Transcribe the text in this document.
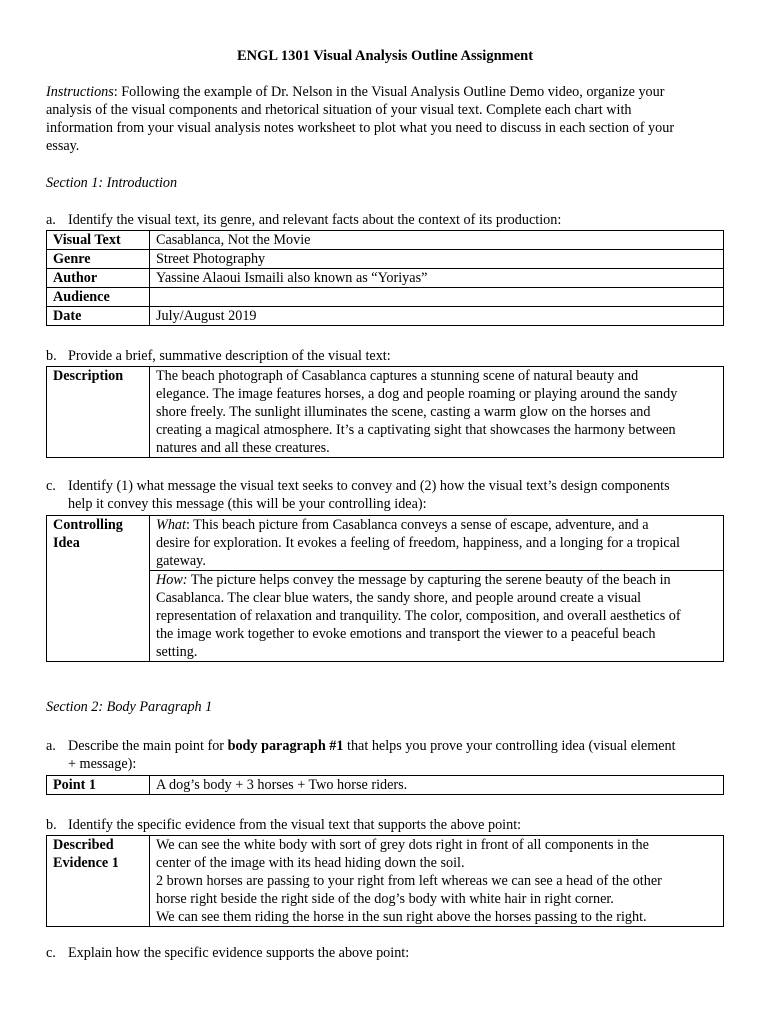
ENGL 1301 Visual Analysis Outline Assignment
Instructions: Following the example of Dr. Nelson in the Visual Analysis Outline Demo video, organize your
analysis of the visual components and rhetorical situation of your visual text. Complete each chart with
information from your visual analysis notes worksheet to plot what you need to discuss in each section of your
essay.
Section 1: Introduction
a. Identify the visual text, its genre, and relevant facts about the context of its production:
Visual Text	Casablanca, Not the Movie
Genre	Street Photography
Author	Yassine Alaoui Ismaili also known as “Yoriyas”
Audience	
Date	July/August 2019
b. Provide a brief, summative description of the visual text:
Description	The beach photograph of Casablanca captures a stunning scene of natural beauty and
elegance. The image features horses, a dog and people roaming or playing around the sandy
shore freely. The sunlight illuminates the scene, casting a warm glow on the horses and
creating a magical atmosphere. It’s a captivating sight that showcases the harmony between
natures and all these creatures.
c. Identify (1) what message the visual text seeks to convey and (2) how the visual text’s design components
help it convey this message (this will be your controlling idea):
Controlling
Idea

What: This beach picture from Casablanca conveys a sense of escape, adventure, and a
desire for exploration. It evokes a feeling of freedom, happiness, and a longing for a tropical
gateway.

How: The picture helps convey the message by capturing the serene beauty of the beach in
Casablanca. The clear blue waters, the sandy shore, and people around create a visual
representation of relaxation and tranquility. The color, composition, and overall aesthetics of
the image work together to evoke emotions and transport the viewer to a peaceful beach
setting.
Section 2: Body Paragraph 1
a. Describe the main point for body paragraph #1 that helps you prove your controlling idea (visual element
+ message):
Point 1	A dog’s body + 3 horses + Two horse riders.
b. Identify the specific evidence from the visual text that supports the above point:
Described
Evidence 1

We can see the white body with sort of grey dots right in front of all components in the
center of the image with its head hiding down the soil.
2 brown horses are passing to your right from left whereas we can see a head of the other
horse right beside the right side of the dog’s body with white hair in right corner.
We can see them riding the horse in the sun right above the horses passing to the right.
c. Explain how the specific evidence supports the above point:
